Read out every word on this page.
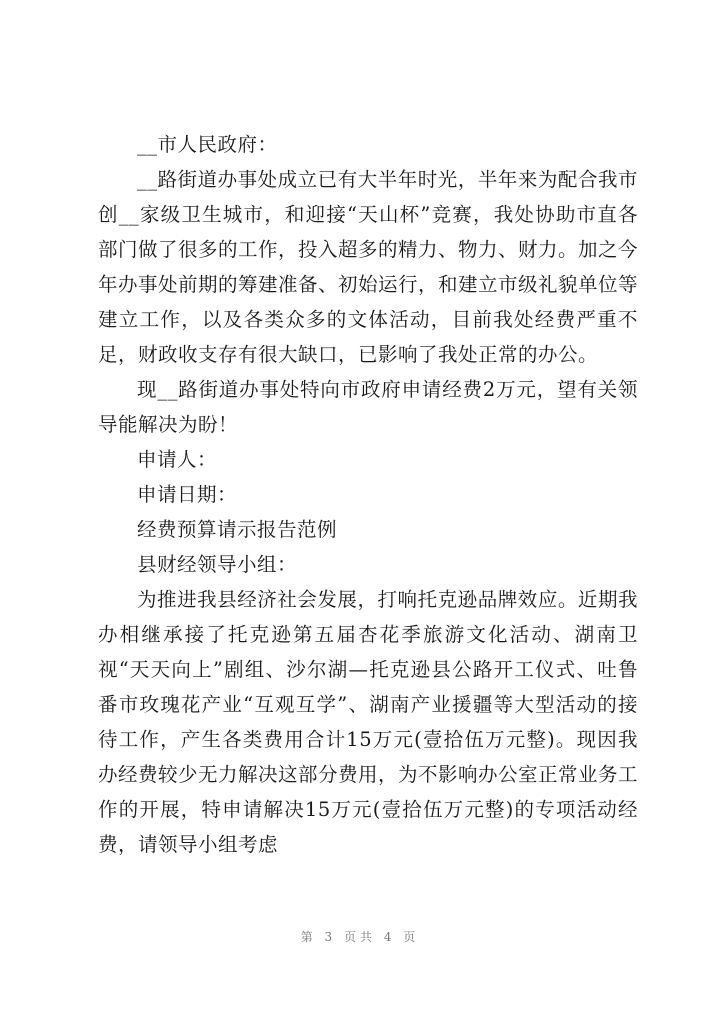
__市人民政府：

__路街道办事处成立已有大半年时光，半年来为配合我市创__家级卫生城市，和迎接“天山杯”竞赛，我处协助市直各部门做了很多的工作，投入超多的精力、物力、财力。加之今年办事处前期的筹建准备、初始运行，和建立市级礼貌单位等建立工作，以及各类众多的文体活动，目前我处经费严重不足，财政收支存有很大缺口，已影响了我处正常的办公。

现__路街道办事处特向市政府申请经费2万元，望有关领导能解决为盼！

申请人：

申请日期：

经费预算请示报告范例

县财经领导小组：

为推进我县经济社会发展，打响托克逊品牌效应。近期我办相继承接了托克逊第五届杏花季旅游文化活动、湖南卫视“天天向上”剧组、沙尔湖—托克逊县公路开工仪式、吐鲁番市玫瑰花产业“互观互学”、湖南产业援疆等大型活动的接待工作，产生各类费用合计15万元(壹拾伍万元整)。现因我办经费较少无力解决这部分费用，为不影响办公室正常业务工作的开展，特申请解决15万元(壹拾伍万元整)的专项活动经费，请领导小组考虑

第 3 页共 4 页
